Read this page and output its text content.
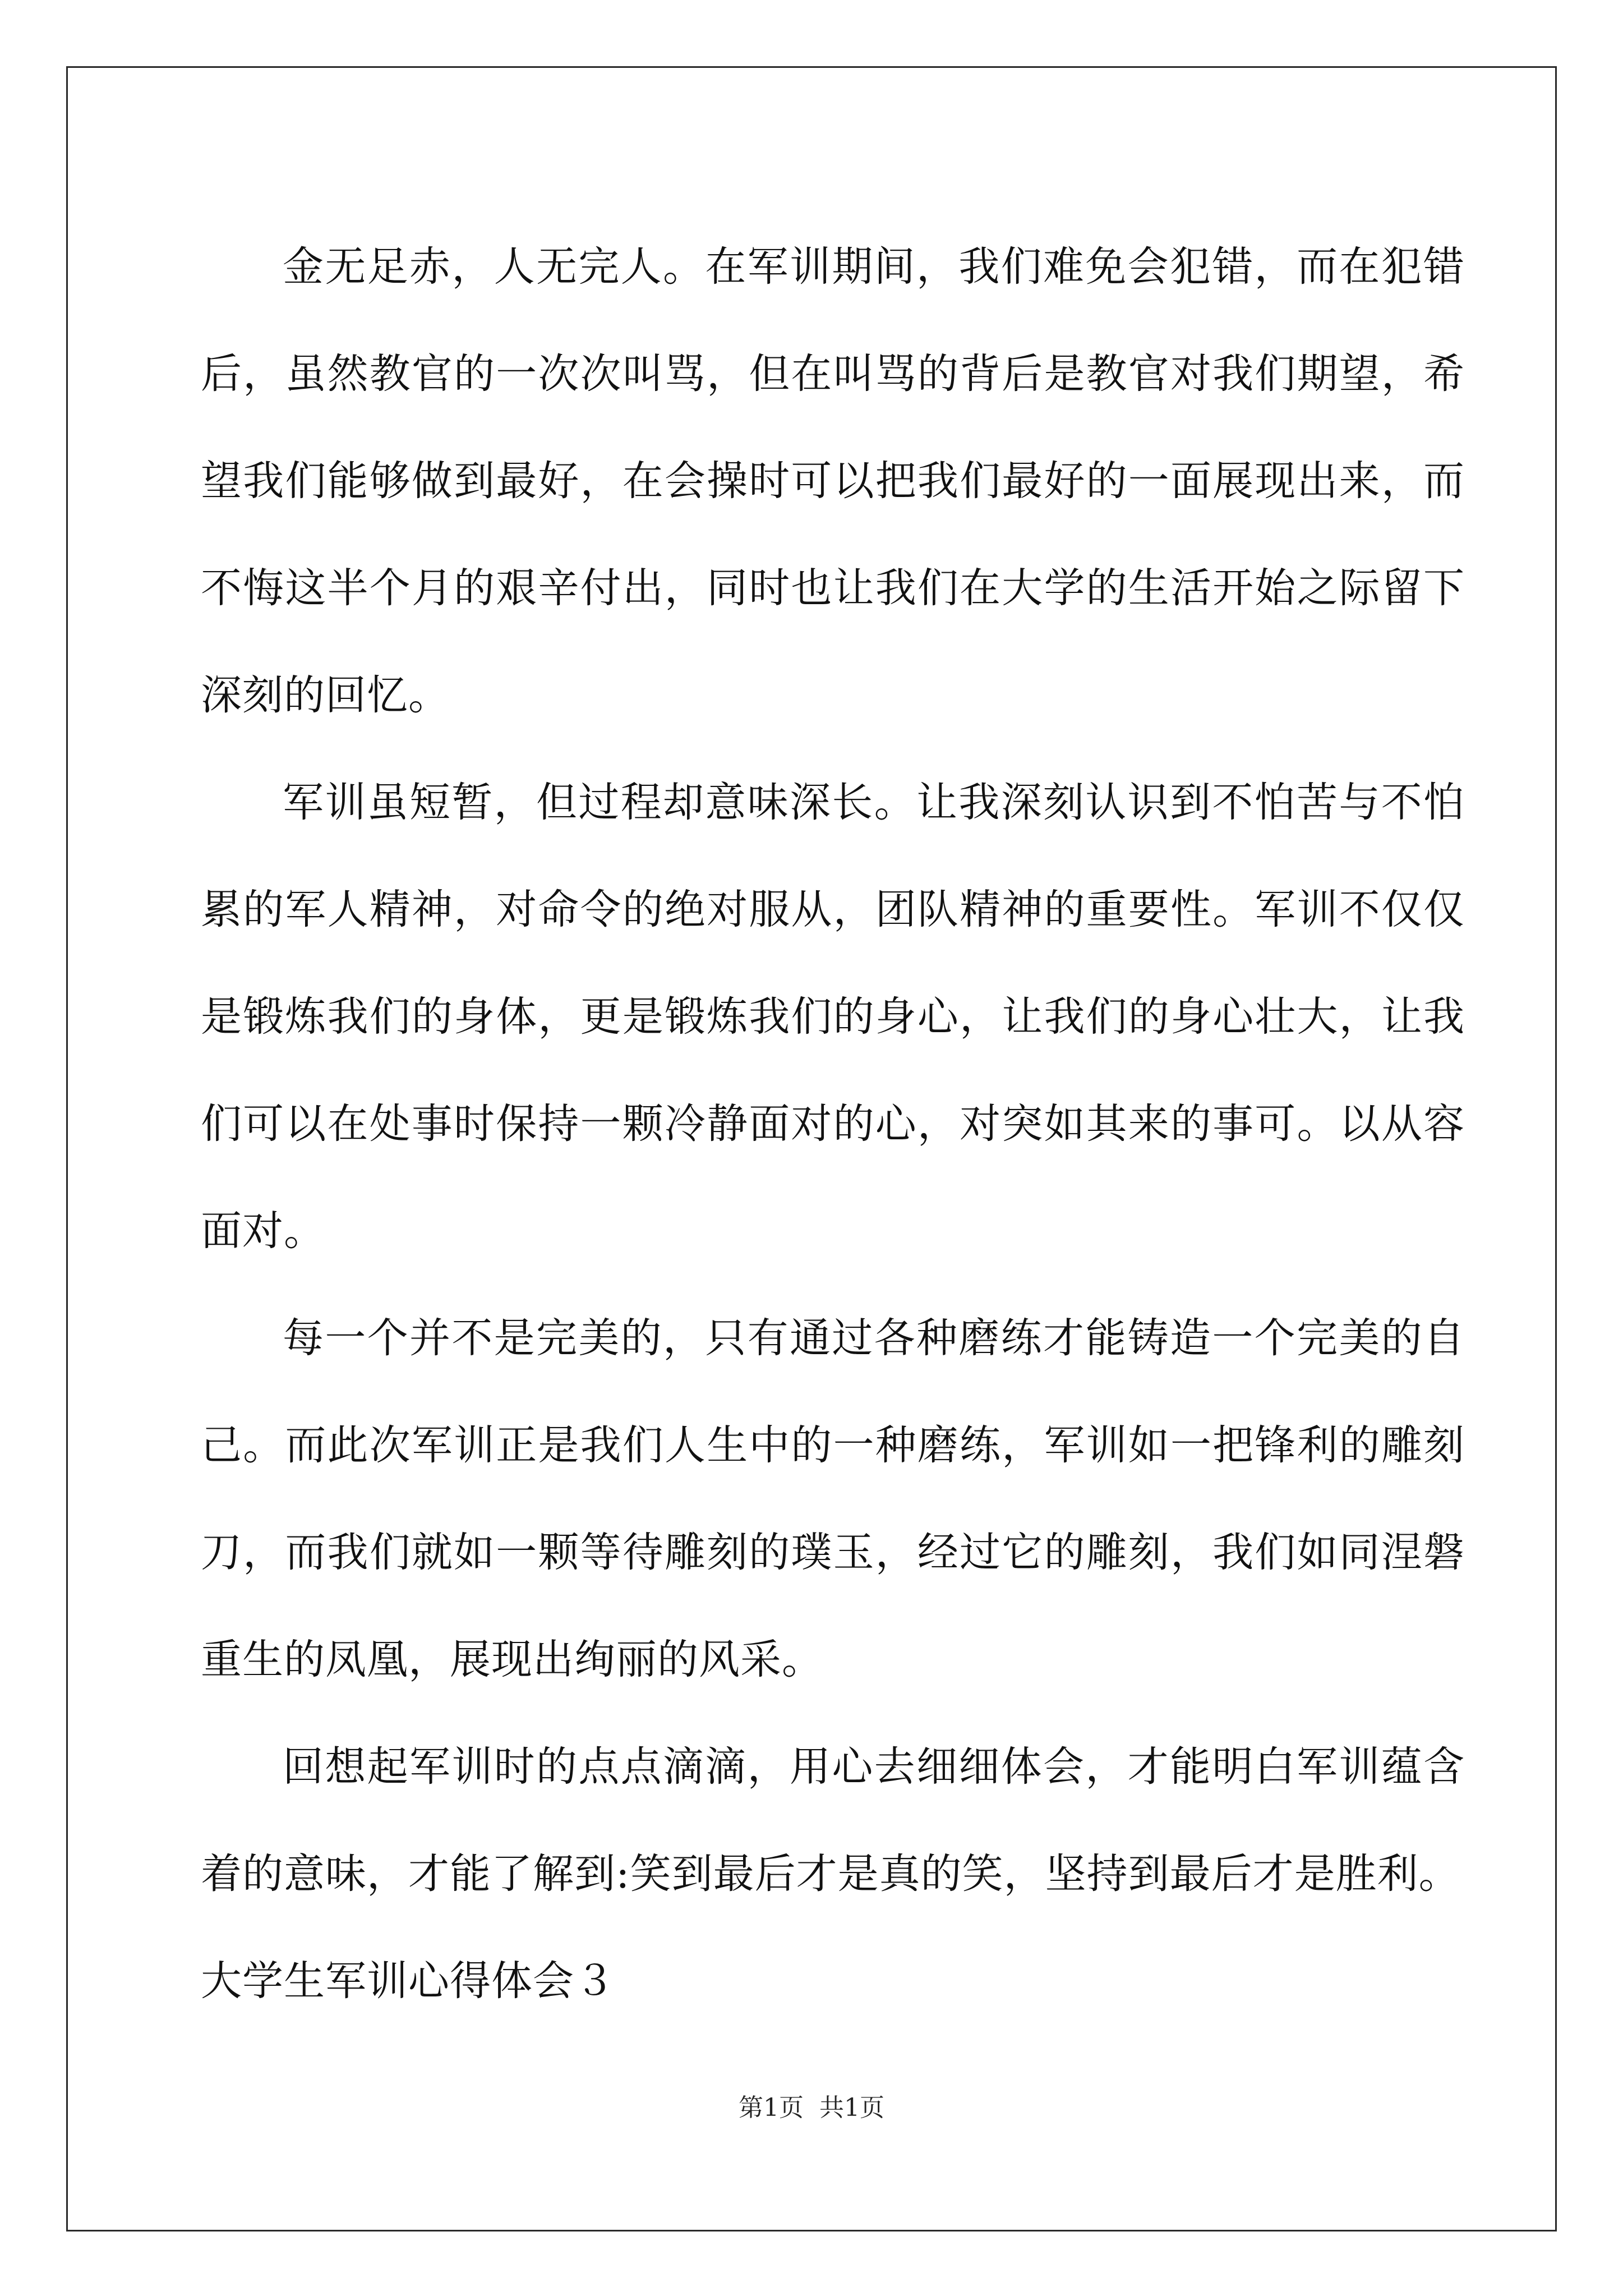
金无足赤，人无完人。在军训期间，我们难免会犯错，而在犯错后，虽然教官的一次次叫骂，但在叫骂的背后是教官对我们期望，希望我们能够做到最好，在会操时可以把我们最好的一面展现出来，而不悔这半个月的艰辛付出，同时也让我们在大学的生活开始之际留下深刻的回忆。

军训虽短暂，但过程却意味深长。让我深刻认识到不怕苦与不怕累的军人精神，对命令的绝对服从，团队精神的重要性。军训不仅仅是锻炼我们的身体，更是锻炼我们的身心，让我们的身心壮大，让我们可以在处事时保持一颗冷静面对的心，对突如其来的事可。以从容面对。

每一个并不是完美的，只有通过各种磨练才能铸造一个完美的自己。而此次军训正是我们人生中的一种磨练，军训如一把锋利的雕刻刀，而我们就如一颗等待雕刻的璞玉，经过它的雕刻，我们如同涅磐重生的凤凰，展现出绚丽的风采。

回想起军训时的点点滴滴，用心去细细体会，才能明白军训蕴含着的意味，才能了解到:笑到最后才是真的笑，坚持到最后才是胜利。

大学生军训心得体会３

第1页 共1页
